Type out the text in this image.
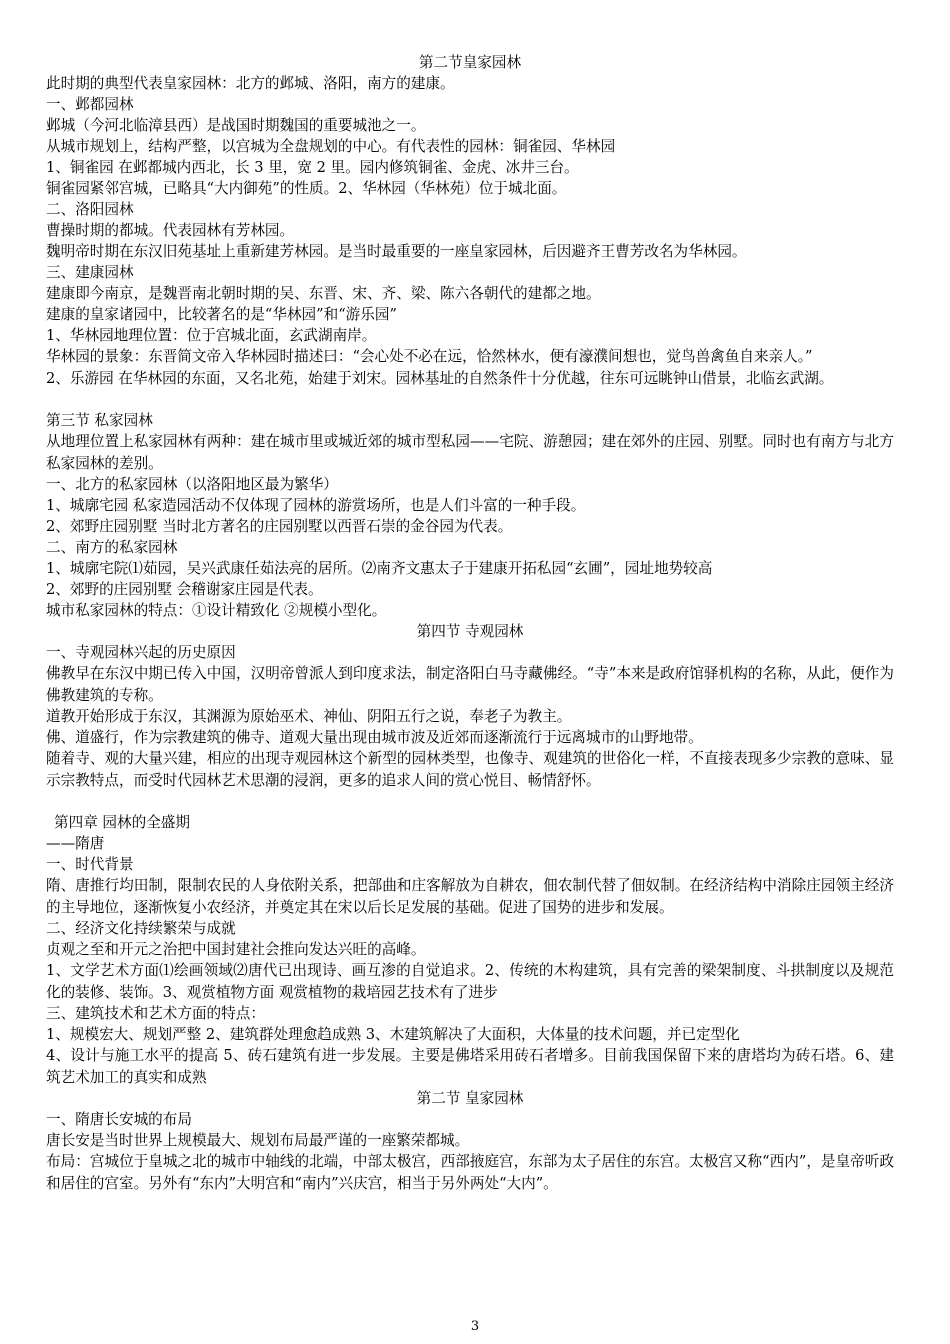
第二节皇家园林
此时期的典型代表皇家园林：北方的邺城、洛阳，南方的建康。
一、邺都园林
邺城（今河北临漳县西）是战国时期魏国的重要城池之一。
从城市规划上，结构严整，以宫城为全盘规划的中心。有代表性的园林：铜雀园、华林园
1、铜雀园 在邺都城内西北，长 3 里，宽 2 里。园内修筑铜雀、金虎、冰井三台。
铜雀园紧邻宫城，已略具“大内御苑”的性质。2、华林园（华林苑）位于城北面。
二、洛阳园林
曹操时期的都城。代表园林有芳林园。
魏明帝时期在东汉旧苑基址上重新建芳林园。是当时最重要的一座皇家园林，后因避齐王曹芳改名为华林园。
三、建康园林
建康即今南京，是魏晋南北朝时期的吴、东晋、宋、齐、梁、陈六各朝代的建都之地。
建康的皇家诸园中，比较著名的是“华林园”和“游乐园”
1、华林园地理位置：位于宫城北面，玄武湖南岸。
华林园的景象：东晋简文帝入华林园时描述曰：“会心处不必在远，恰然林水，便有濠濮间想也，觉鸟兽禽鱼自来亲人。”
2、乐游园 在华林园的东面，又名北苑，始建于刘宋。园林基址的自然条件十分优越，往东可远眺钟山借景，北临玄武湖。
第三节 私家园林
从地理位置上私家园林有两种：建在城市里或城近郊的城市型私园——宅院、游憩园；建在郊外的庄园、别墅。同时也有南方与北方私家园林的差别。
一、北方的私家园林（以洛阳地区最为繁华）
1、城廓宅园 私家造园活动不仅体现了园林的游赏场所，也是人们斗富的一种手段。
2、郊野庄园别墅 当时北方著名的庄园别墅以西晋石崇的金谷园为代表。
二、南方的私家园林
1、城廓宅院⑴茹园，吴兴武康任茹法亮的居所。⑵南齐文惠太子于建康开拓私园“玄圃”，园址地势较高
2、郊野的庄园别墅 会稽谢家庄园是代表。
城市私家园林的特点：①设计精致化 ②规模小型化。
第四节 寺观园林
一、寺观园林兴起的历史原因
佛教早在东汉中期已传入中国，汉明帝曾派人到印度求法，制定洛阳白马寺藏佛经。“寺”本来是政府馆驿机构的名称，从此，便作为佛教建筑的专称。
道教开始形成于东汉，其渊源为原始巫术、神仙、阴阳五行之说，奉老子为教主。
佛、道盛行，作为宗教建筑的佛寺、道观大量出现由城市波及近郊而逐渐流行于远离城市的山野地带。
随着寺、观的大量兴建，相应的出现寺观园林这个新型的园林类型，也像寺、观建筑的世俗化一样，不直接表现多少宗教的意味、显示宗教特点，而受时代园林艺术思潮的浸润，更多的追求人间的赏心悦目、畅情舒怀。
第四章 园林的全盛期
——隋唐
一、时代背景
隋、唐推行均田制，限制农民的人身依附关系，把部曲和庄客解放为自耕农，佃农制代替了佃奴制。在经济结构中消除庄园领主经济的主导地位，逐渐恢复小农经济，并奠定其在宋以后长足发展的基础。促进了国势的进步和发展。
二、经济文化持续繁荣与成就
贞观之至和开元之治把中国封建社会推向发达兴旺的高峰。
1、文学艺术方面⑴绘画领域⑵唐代已出现诗、画互渗的自觉追求。2、传统的木构建筑，具有完善的梁架制度、斗拱制度以及规范化的装修、装饰。3、观赏植物方面 观赏植物的栽培园艺技术有了进步
三、建筑技术和艺术方面的特点：
1、规模宏大、规划严整 2、建筑群处理愈趋成熟 3、木建筑解决了大面积，大体量的技术问题，并已定型化
4、设计与施工水平的提高 5、砖石建筑有进一步发展。主要是佛塔采用砖石者增多。目前我国保留下来的唐塔均为砖石塔。6、建筑艺术加工的真实和成熟
第二节 皇家园林
一、隋唐长安城的布局
唐长安是当时世界上规模最大、规划布局最严谨的一座繁荣都城。
布局：宫城位于皇城之北的城市中轴线的北端，中部太极宫，西部掖庭宫，东部为太子居住的东宫。太极宫又称“西内”，是皇帝听政和居住的宫室。另外有“东内”大明宫和“南内”兴庆宫，相当于另外两处“大内”。
3
